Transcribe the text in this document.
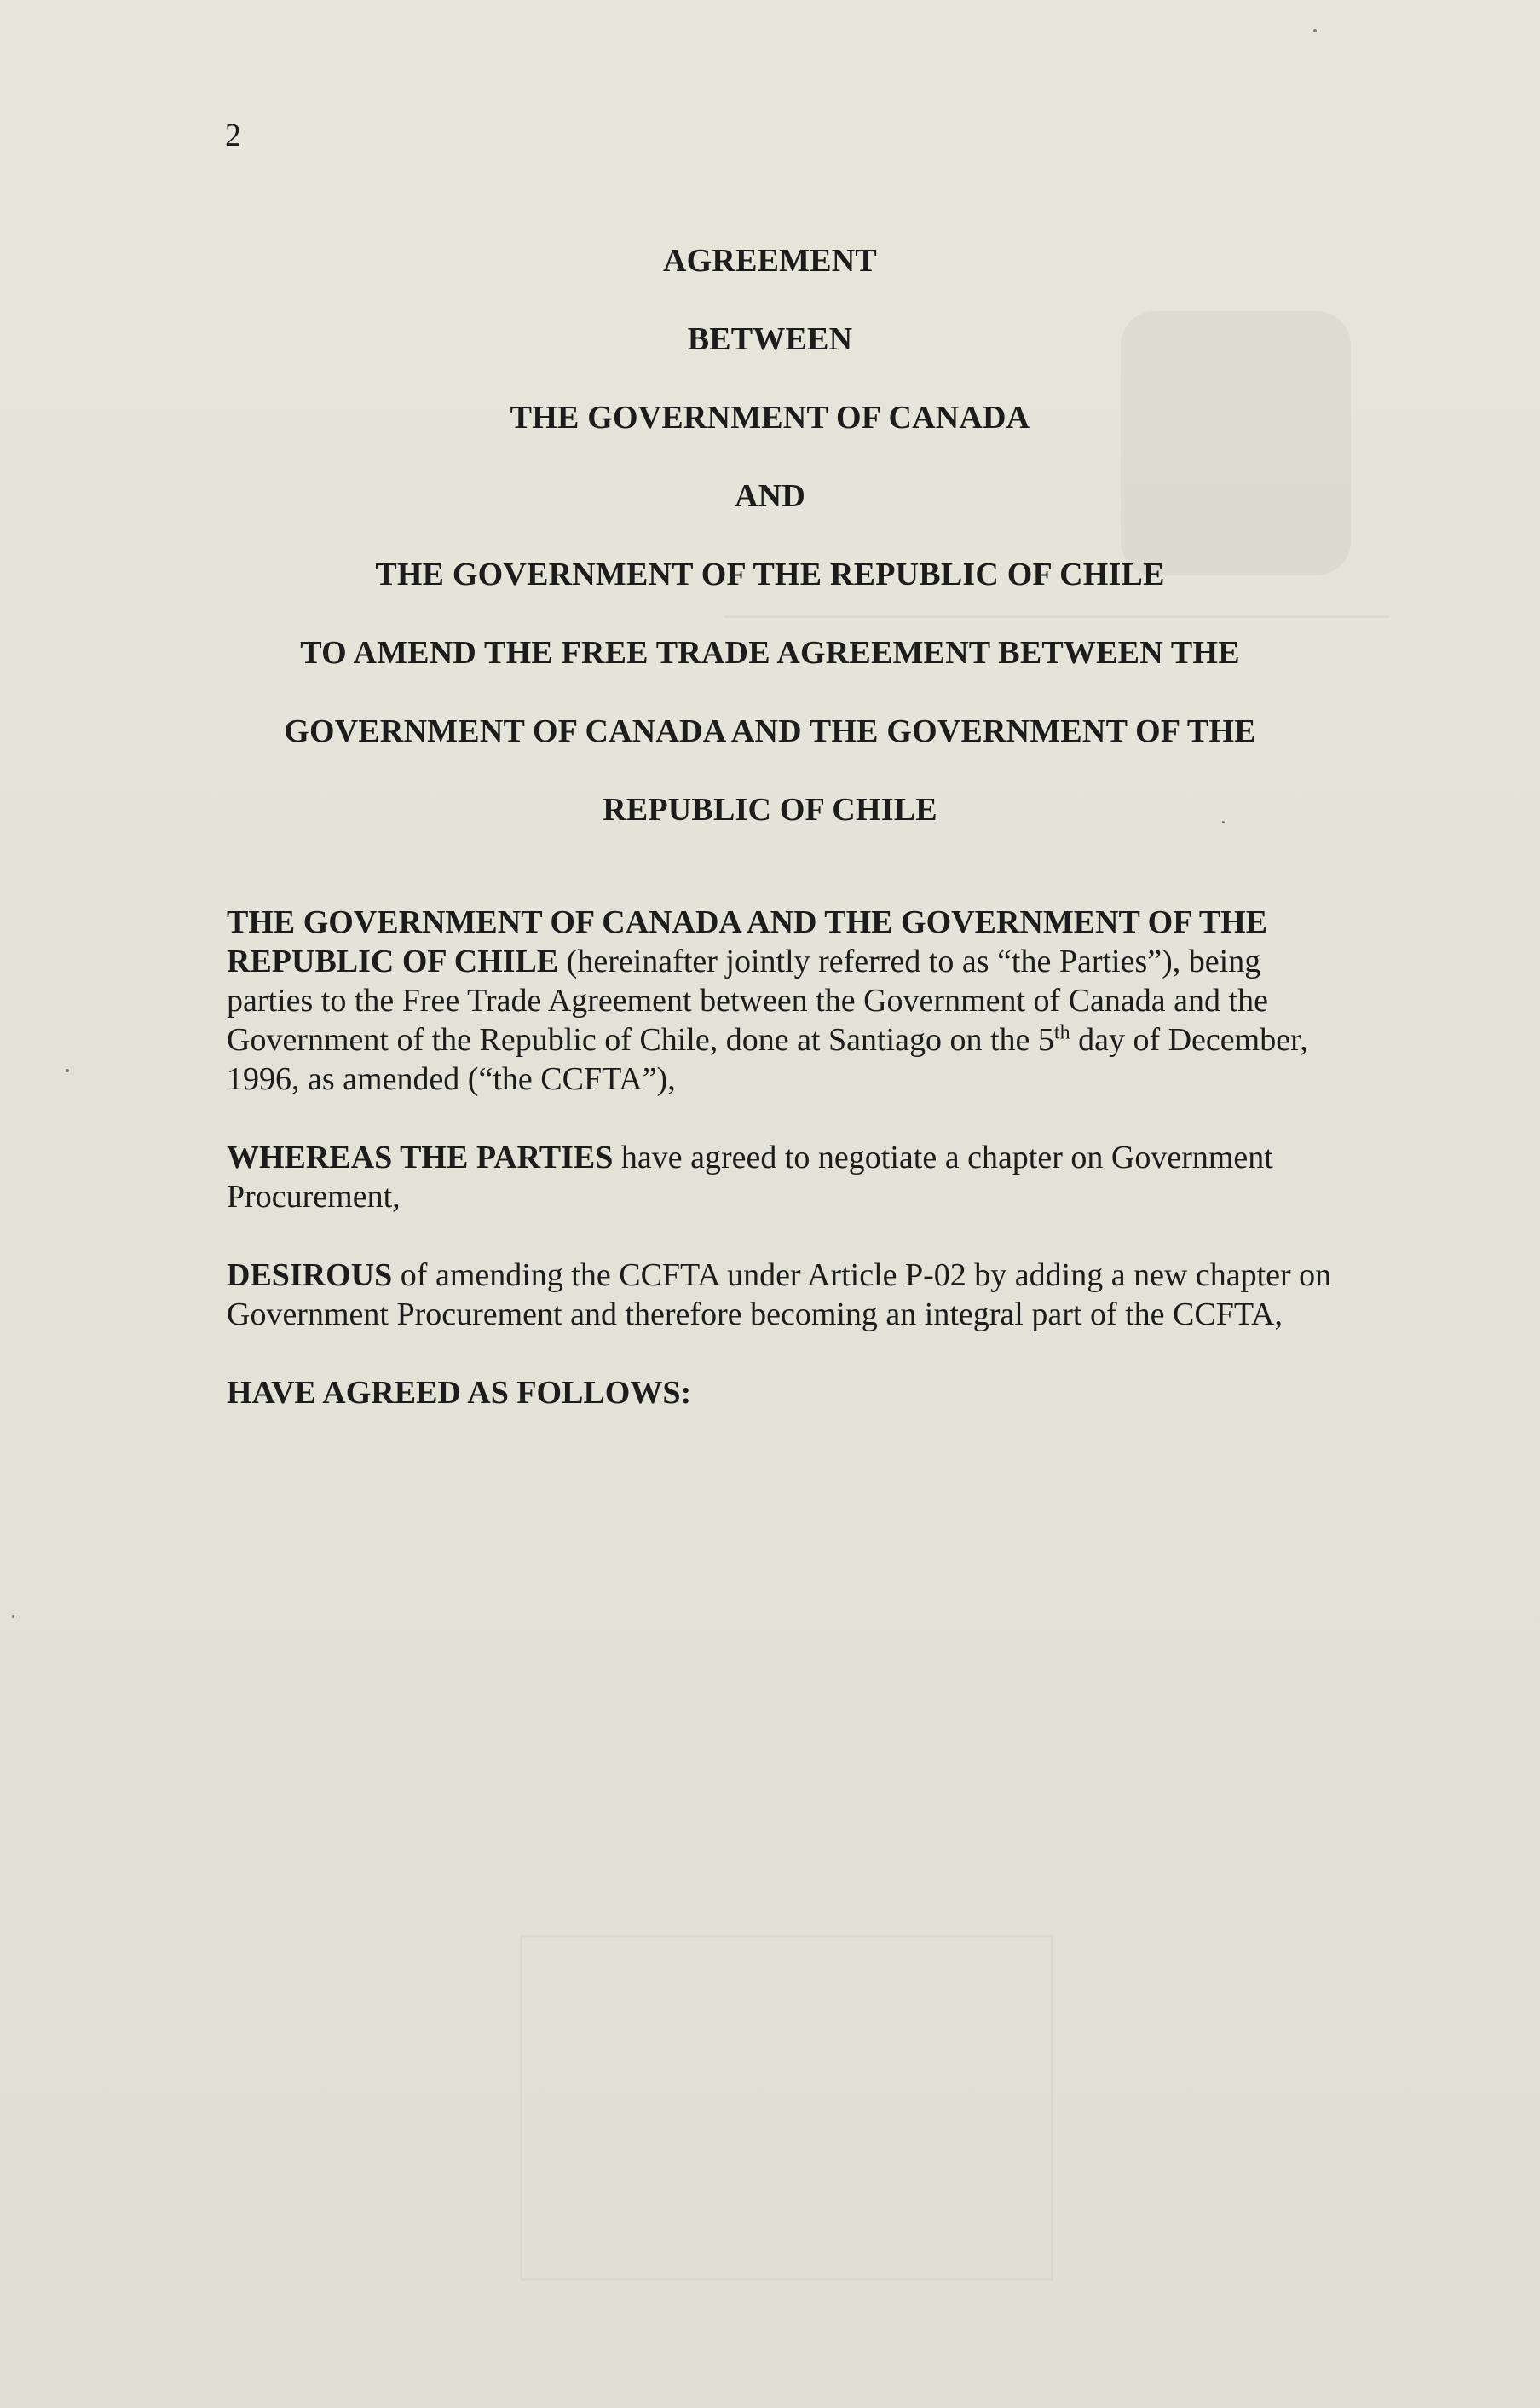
2
AGREEMENT
BETWEEN
THE GOVERNMENT OF CANADA
AND
THE GOVERNMENT OF THE REPUBLIC OF CHILE
TO AMEND THE FREE TRADE AGREEMENT BETWEEN THE
GOVERNMENT OF CANADA AND THE GOVERNMENT OF THE
REPUBLIC OF CHILE

THE GOVERNMENT OF CANADA AND THE GOVERNMENT OF THE REPUBLIC OF CHILE (hereinafter jointly referred to as “the Parties”), being parties to the Free Trade Agreement between the Government of Canada and the Government of the Republic of Chile, done at Santiago on the 5th day of December, 1996, as amended (“the CCFTA”),

WHEREAS THE PARTIES have agreed to negotiate a chapter on Government Procurement,

DESIROUS of amending the CCFTA under Article P-02 by adding a new chapter on Government Procurement and therefore becoming an integral part of the CCFTA,

HAVE AGREED AS FOLLOWS:
